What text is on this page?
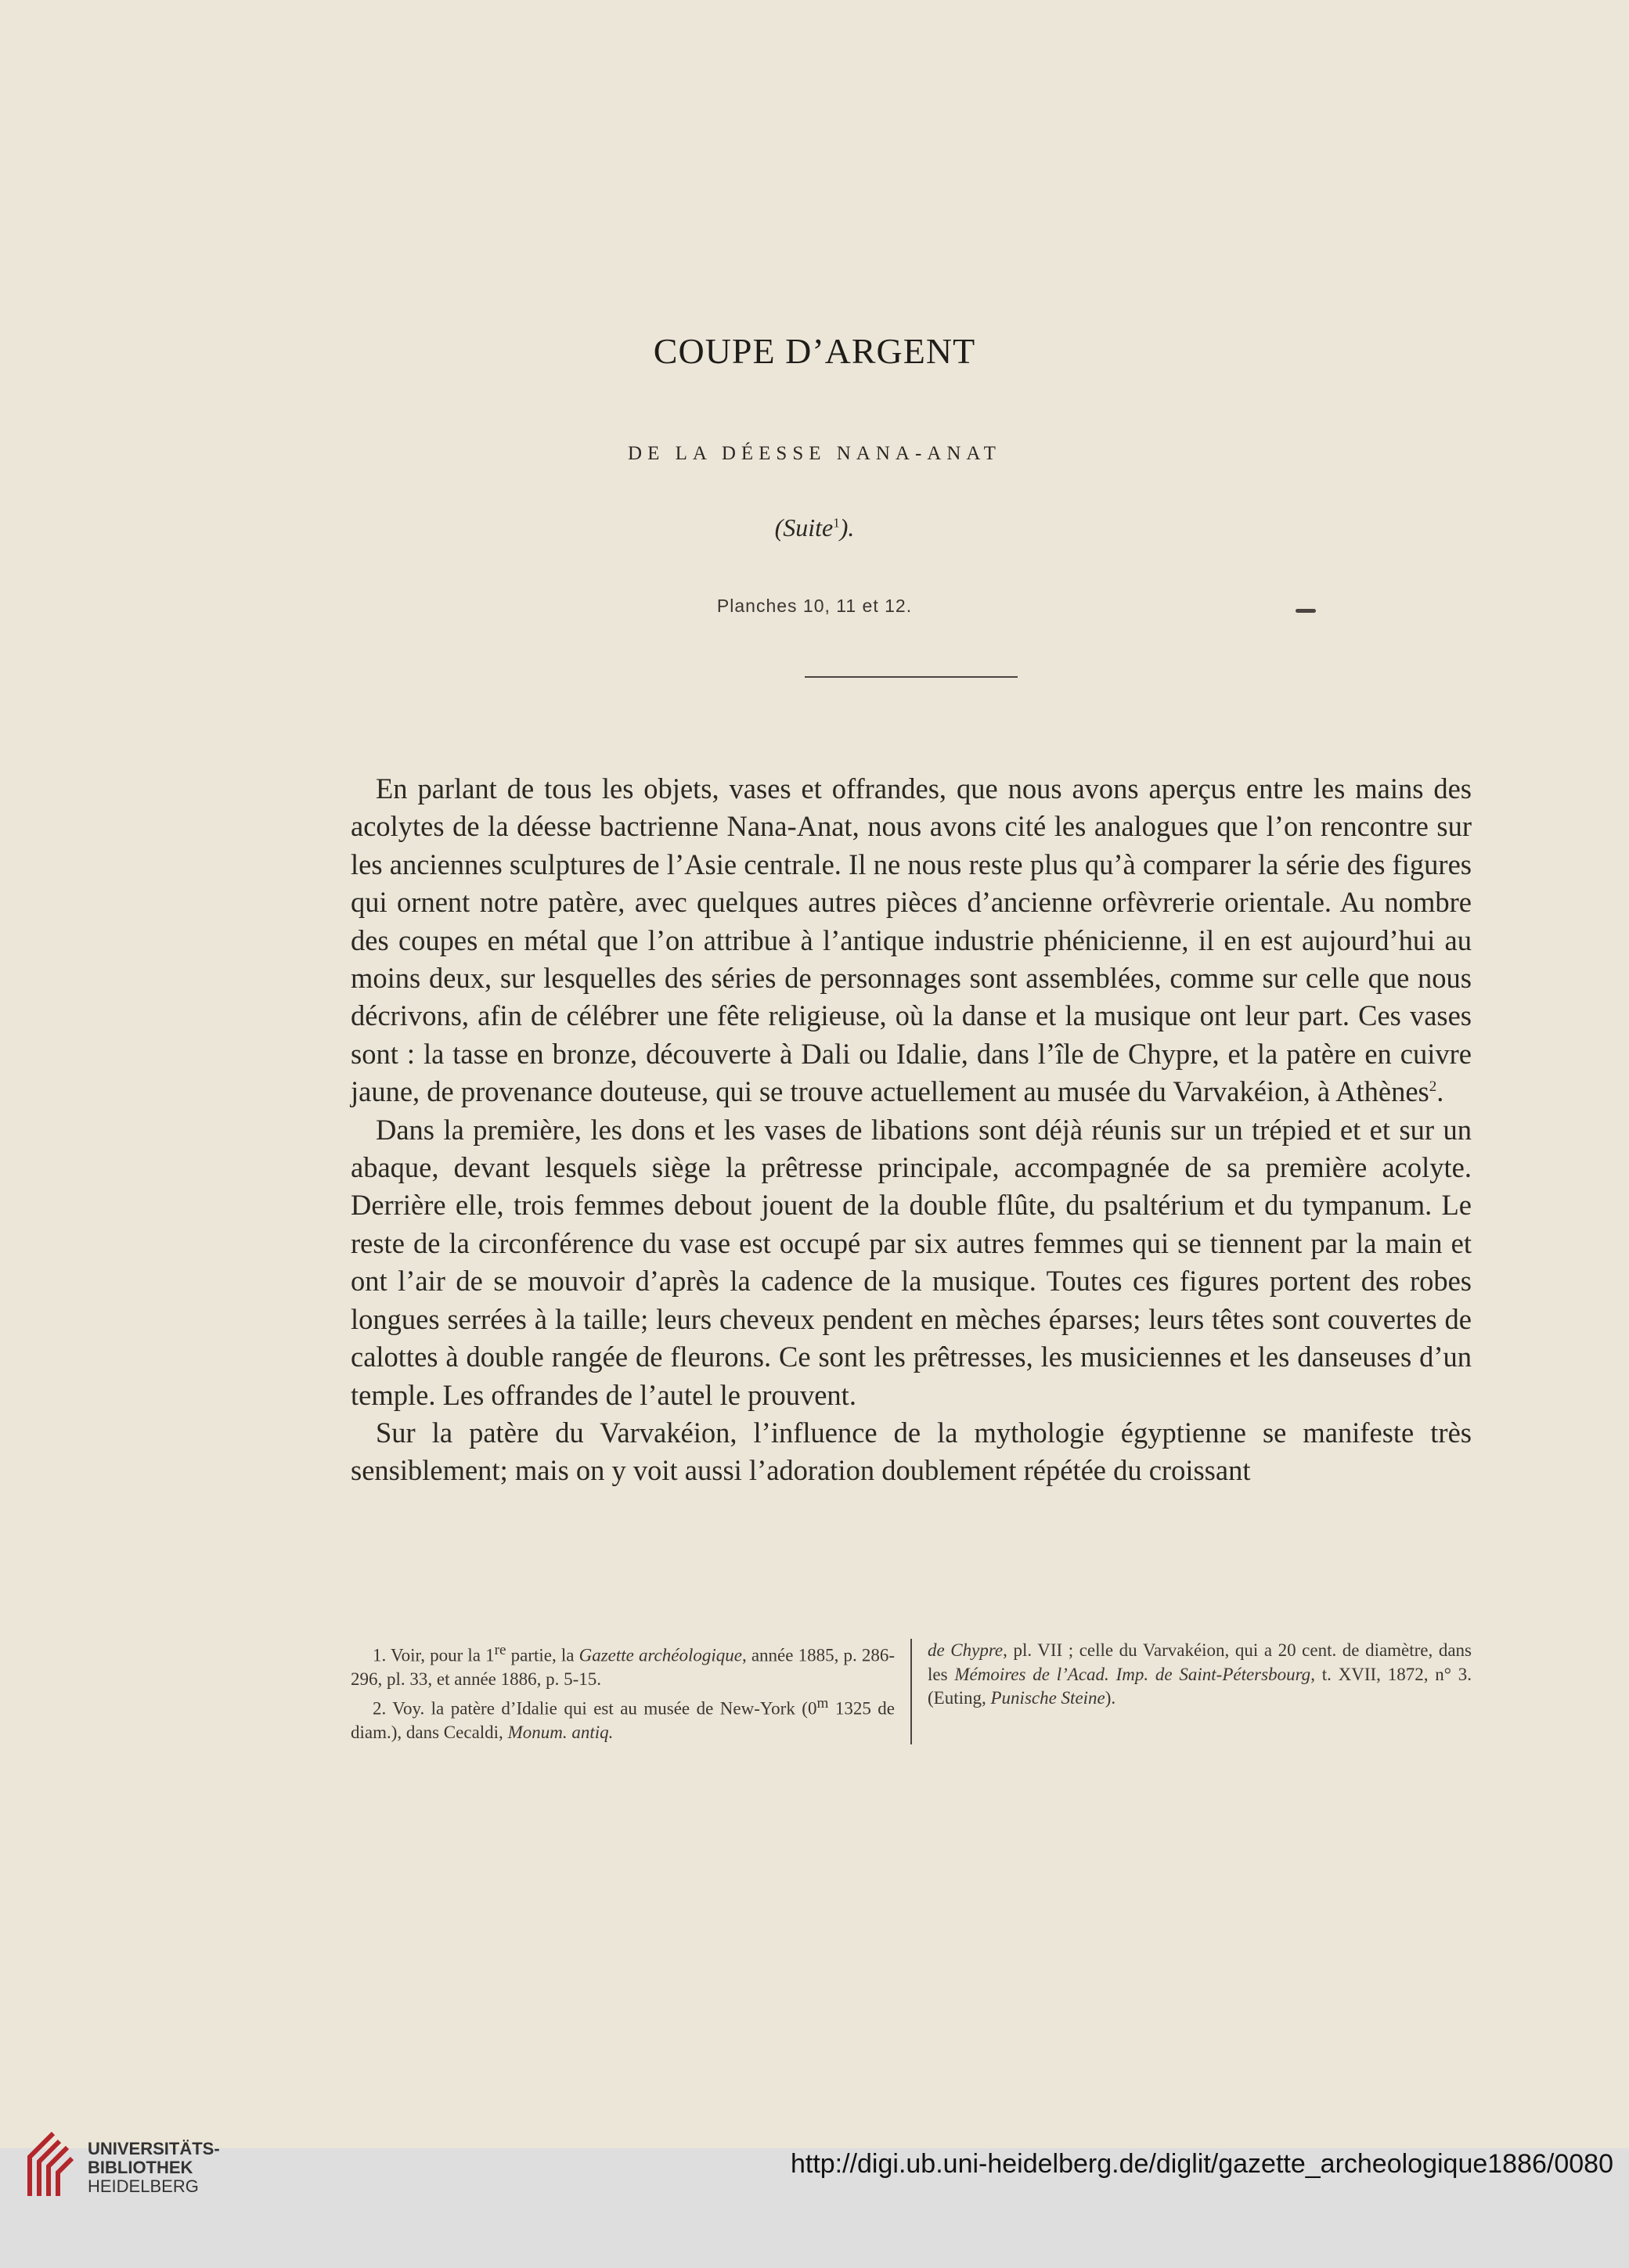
COUPE D’ARGENT
DE LA DÉESSE NANA-ANAT
(Suite$^1$).
Planches 10, 11 et 12.

En parlant de tous les objets, vases et offrandes, que nous avons aperçus entre les mains des acolytes de la déesse bactrienne Nana-Anat, nous avons cité les analogues que l’on rencontre sur les anciennes sculptures de l’Asie centrale. Il ne nous reste plus qu’à comparer la série des figures qui ornent notre patère, avec quelques autres pièces d’ancienne orfèvrerie orientale. Au nombre des coupes en métal que l’on attribue à l’antique industrie phénicienne, il en est aujourd’hui au moins deux, sur lesquelles des séries de personnages sont assemblées, comme sur celle que nous décrivons, afin de célébrer une fête religieuse, où la danse et la musique ont leur part. Ces vases sont : la tasse en bronze, découverte à Dali ou Idalie, dans l’île de Chypre, et la patère en cuivre jaune, de provenance douteuse, qui se trouve actuellement au musée du Varvakéion, à Athènes$^2$.

Dans la première, les dons et les vases de libations sont déjà réunis sur un trépied et et sur un abaque, devant lesquels siège la prêtresse principale, accompagnée de sa première acolyte. Derrière elle, trois femmes debout jouent de la double flûte, du psaltérium et du tympanum. Le reste de la circonférence du vase est occupé par six autres femmes qui se tiennent par la main et ont l’air de se mouvoir d’après la cadence de la musique. Toutes ces figures portent des robes longues serrées à la taille; leurs cheveux pendent en mèches éparses; leurs têtes sont couvertes de calottes à double rangée de fleurons. Ce sont les prêtresses, les musiciennes et les danseuses d’un temple. Les offrandes de l’autel le prouvent.

Sur la patère du Varvakéion, l’influence de la mythologie égyptienne se manifeste très sensiblement; mais on y voit aussi l’adoration doublement répétée du croissant

1. Voir, pour la 1re partie, la Gazette archéologique, année 1885, p. 286-296, pl. 33, et année 1886, p. 5-15.

2. Voy. la patère d’Idalie qui est au musée de New-York (0$^m$ 1325 de diam.), dans Cecaldi, Monum. antiq.

de Chypre, pl. VII ; celle du Varvakéion, qui a 20 cent. de diamètre, dans les Mémoires de l’Acad. Imp. de Saint-Pétersbourg, t. XVII, 1872, n° 3. (Euting, Punische Steine).

UNIVERSITÄTS-
BIBLIOTHEK
HEIDELBERG
http://digi.ub.uni-heidelberg.de/diglit/gazette_archeologique1886/0080
